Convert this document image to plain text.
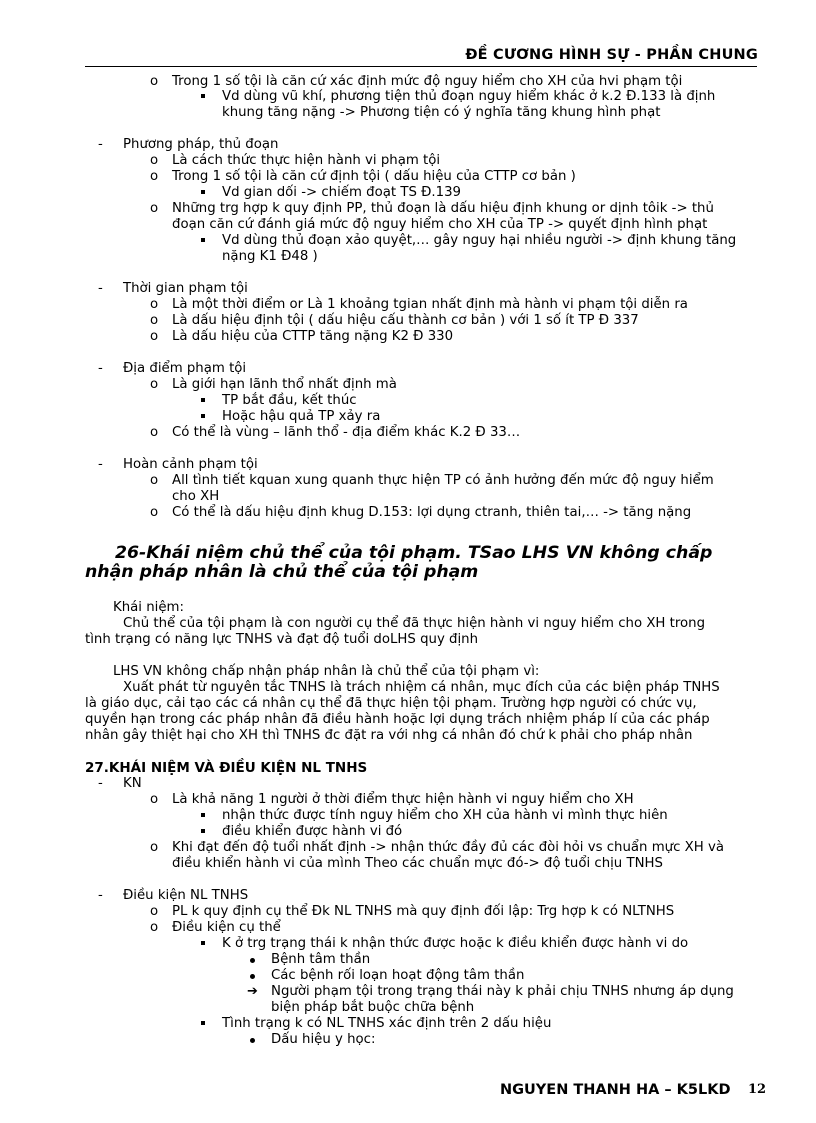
ĐỀ CƯƠNG HÌNH SỰ - PHẦN CHUNG
o Trong 1 số tội là căn cứ xác định mức độ nguy hiểm cho XH của hvi phạm tội
Vd dùng vũ khí, phương tiện thủ đoạn nguy hiểm khác ở k.2 Đ.133 là định
khung tăng nặng -> Phương tiện có ý nghĩa tăng khung hình phạt
- Phương pháp, thủ đoạn
o Là cách thức thực hiện hành vi phạm tội
o Trong 1 số tội là căn cứ định tội ( dấu hiệu của CTTP cơ bản )
Vd gian dối -> chiếm đoạt TS Đ.139
o Những trg hợp k quy định PP, thủ đoạn là dấu hiệu định khung or dịnh tôik -> thủ
đoạn căn cứ đánh giá mức độ nguy hiểm cho XH của TP -> quyết định hình phạt
Vd dùng thủ đoạn xảo quyệt,… gây nguy hại nhiều người -> định khung tăng
nặng K1 Đ48 )
- Thời gian phạm tội
o Là một thời điểm or Là 1 khoảng tgian nhất định mà hành vi phạm tội diễn ra
o Là dấu hiệu định tội ( dấu hiệu cấu thành cơ bản ) với 1 số ít TP Đ 337
o Là dấu hiệu của CTTP tăng nặng K2 Đ 330
- Địa điểm phạm tội
o Là giới hạn lãnh thổ nhất định mà
TP bắt đầu, kết thúc
Hoặc hậu quả TP xảy ra
o Có thể là vùng – lãnh thổ - địa điểm khác K.2 Đ 33…
- Hoàn cảnh phạm tội
o All tình tiết kquan xung quanh thực hiện TP có ảnh hưởng đến mức độ nguy hiểm
cho XH
o Có thể là dấu hiệu định khug D.153: lợi dụng ctranh, thiên tai,… -> tăng nặng
26-Khái niệm chủ thể của tội phạm. TSao LHS VN không chấp nhận pháp nhân là chủ thể của tội phạm
Khái niệm:
Chủ thể của tội phạm là con người cụ thể đã thực hiện hành vi nguy hiểm cho XH trong
tình trạng có năng lực TNHS và đạt độ tuổi doLHS quy định
LHS VN không chấp nhận pháp nhân là chủ thể của tội phạm vì:
Xuất phát từ nguyên tắc TNHS là trách nhiệm cá nhân, mục đích của các biện pháp TNHS
là giáo dục, cải tạo các cá nhân cụ thể đã thực hiện tội phạm. Trường hợp người có chức vụ,
quyền hạn trong các pháp nhân đã điều hành hoặc lợi dụng trách nhiệm pháp lí của các pháp
nhân gây thiệt hại cho XH thì TNHS đc đặt ra với nhg cá nhân đó chứ k phải cho pháp nhân
27.KHÁI NIỆM VÀ ĐIỀU KIỆN NL TNHS
- KN
o Là khả năng 1 người ở thời điểm thực hiện hành vi nguy hiểm cho XH
nhận thức được tính nguy hiểm cho XH của hành vi mình thực hiên
điều khiển được hành vi đó
o Khi đạt đến độ tuổi nhất định -> nhận thức đầy đủ các đòi hỏi vs chuẩn mực XH và
điều khiển hành vi của mình Theo các chuẩn mực đó-> độ tuổi chịu TNHS
- Điều kiện NL TNHS
o PL k quy định cụ thể Đk NL TNHS mà quy định đối lập: Trg hợp k có NLTNHS
o Điều kiện cụ thể
K ở trg trạng thái k nhận thức được hoặc k điều khiển được hành vi do
Bệnh tâm thần
Các bệnh rối loạn hoạt động tâm thần
➔ Người phạm tội trong trạng thái này k phải chịu TNHS nhưng áp dụng
biện pháp bắt buộc chữa bệnh
Tình trạng k có NL TNHS xác định trên 2 dấu hiệu
Dấu hiệu y học:
NGUYEN THANH HA – K5LKD 12
